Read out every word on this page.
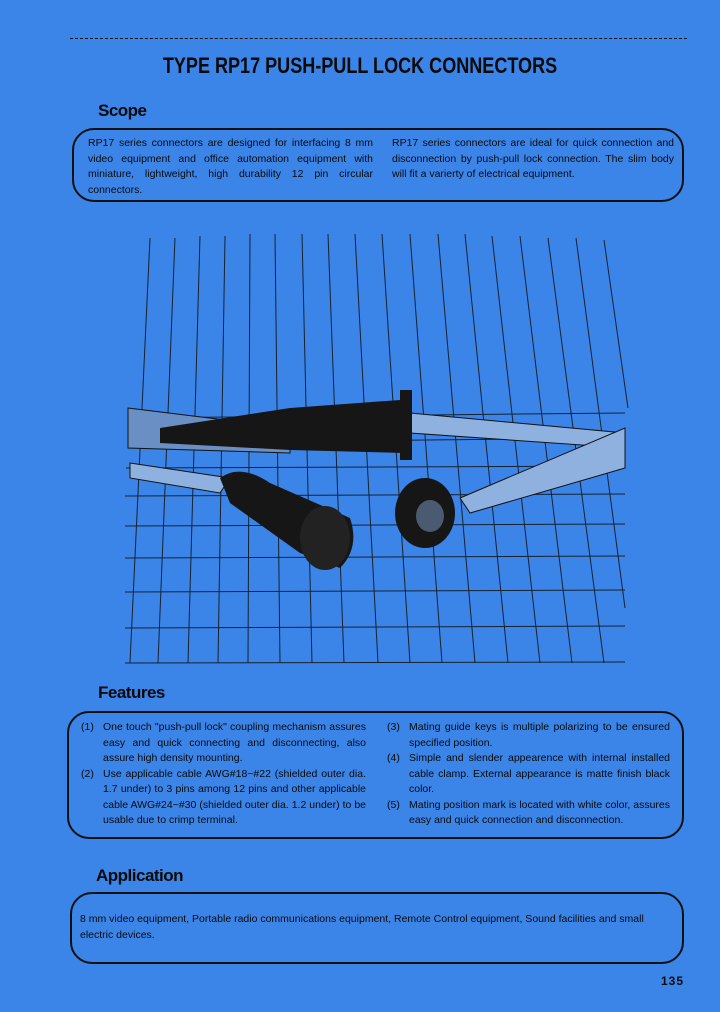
TYPE RP17 PUSH-PULL LOCK CONNECTORS
Scope
RP17 series connectors are designed for interfacing 8 mm video equipment and office automation equipment with miniature, lightweight, high durability 12 pin circular connectors.
RP17 series connectors are ideal for quick connection and disconnection by push-pull lock connection. The slim body will fit a varierty of electrical equipment.
Features
(1) One touch "push-pull lock" coupling mechanism assures easy and quick connecting and disconnecting, also assure high density mounting.
(2) Use applicable cable AWG#18~#22 (shielded outer dia. 1.7 under) to 3 pins among 12 pins and other applicable cable AWG#24~#30 (shielded outer dia. 1.2 under) to be usable due to crimp terminal.
(3) Mating guide keys is multiple polarizing to be ensured specified position.
(4) Simple and slender appearence with internal installed cable clamp. External appearance is matte finish black color.
(5) Mating position mark is located with white color, assures easy and quick connection and disconnection.
Application
8 mm video equipment, Portable radio communications equipment, Remote Control equipment, Sound facilities and small electric devices.
135
